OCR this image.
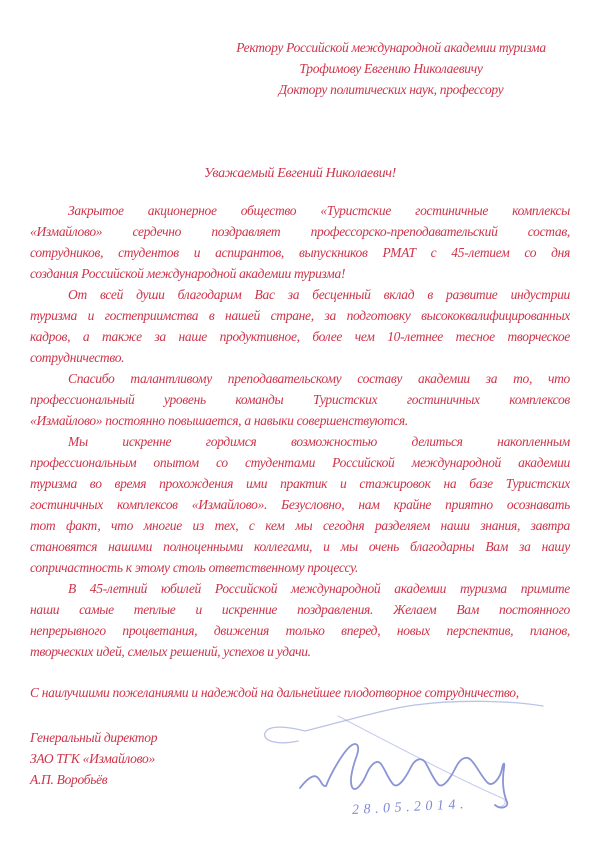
Ректору Российской международной академии туризма
Трофимову Евгению Николаевичу
Доктору политических наук, профессору
Уважаемый Евгений Николаевич!
Закрытое акционерное общество «Туристские гостиничные комплексы
«Измайлово» сердечно поздравляет профессорско-преподавательский состав,
сотрудников, студентов и аспирантов, выпускников РМАТ с 45-летием со дня
создания Российской международной академии туризма!
От всей души благодарим Вас за бесценный вклад в развитие индустрии
туризма и гостеприимства в нашей стране, за подготовку высококвалифицированных
кадров, а также за наше продуктивное, более чем 10-летнее тесное творческое
сотрудничество.
Спасибо талантливому преподавательскому составу академии за то, что
профессиональный уровень команды Туристских гостиничных комплексов
«Измайлово» постоянно повышается, а навыки совершенствуются.
Мы искренне гордимся возможностью делиться накопленным
профессиональным опытом со студентами Российской международной академии
туризма во время прохождения ими практик и стажировок на базе Туристских
гостиничных комплексов «Измайлово». Безусловно, нам крайне приятно осознавать
тот факт, что многие из тех, с кем мы сегодня разделяем наши знания, завтра
становятся нашими полноценными коллегами, и мы очень благодарны Вам за нашу
сопричастность к этому столь ответственному процессу.
В 45-летний юбилей Российской международной академии туризма примите
наши самые теплые и искренние поздравления. Желаем Вам постоянного
непрерывного процветания, движения только вперед, новых перспектив, планов,
творческих идей, смелых решений, успехов и удачи.
С наилучшими пожеланиями и надеждой на дальнейшее плодотворное сотрудничество,
Генеральный директор
ЗАО ТГК «Измайлово»
А.П. Воробьёв
28.05.2014.
